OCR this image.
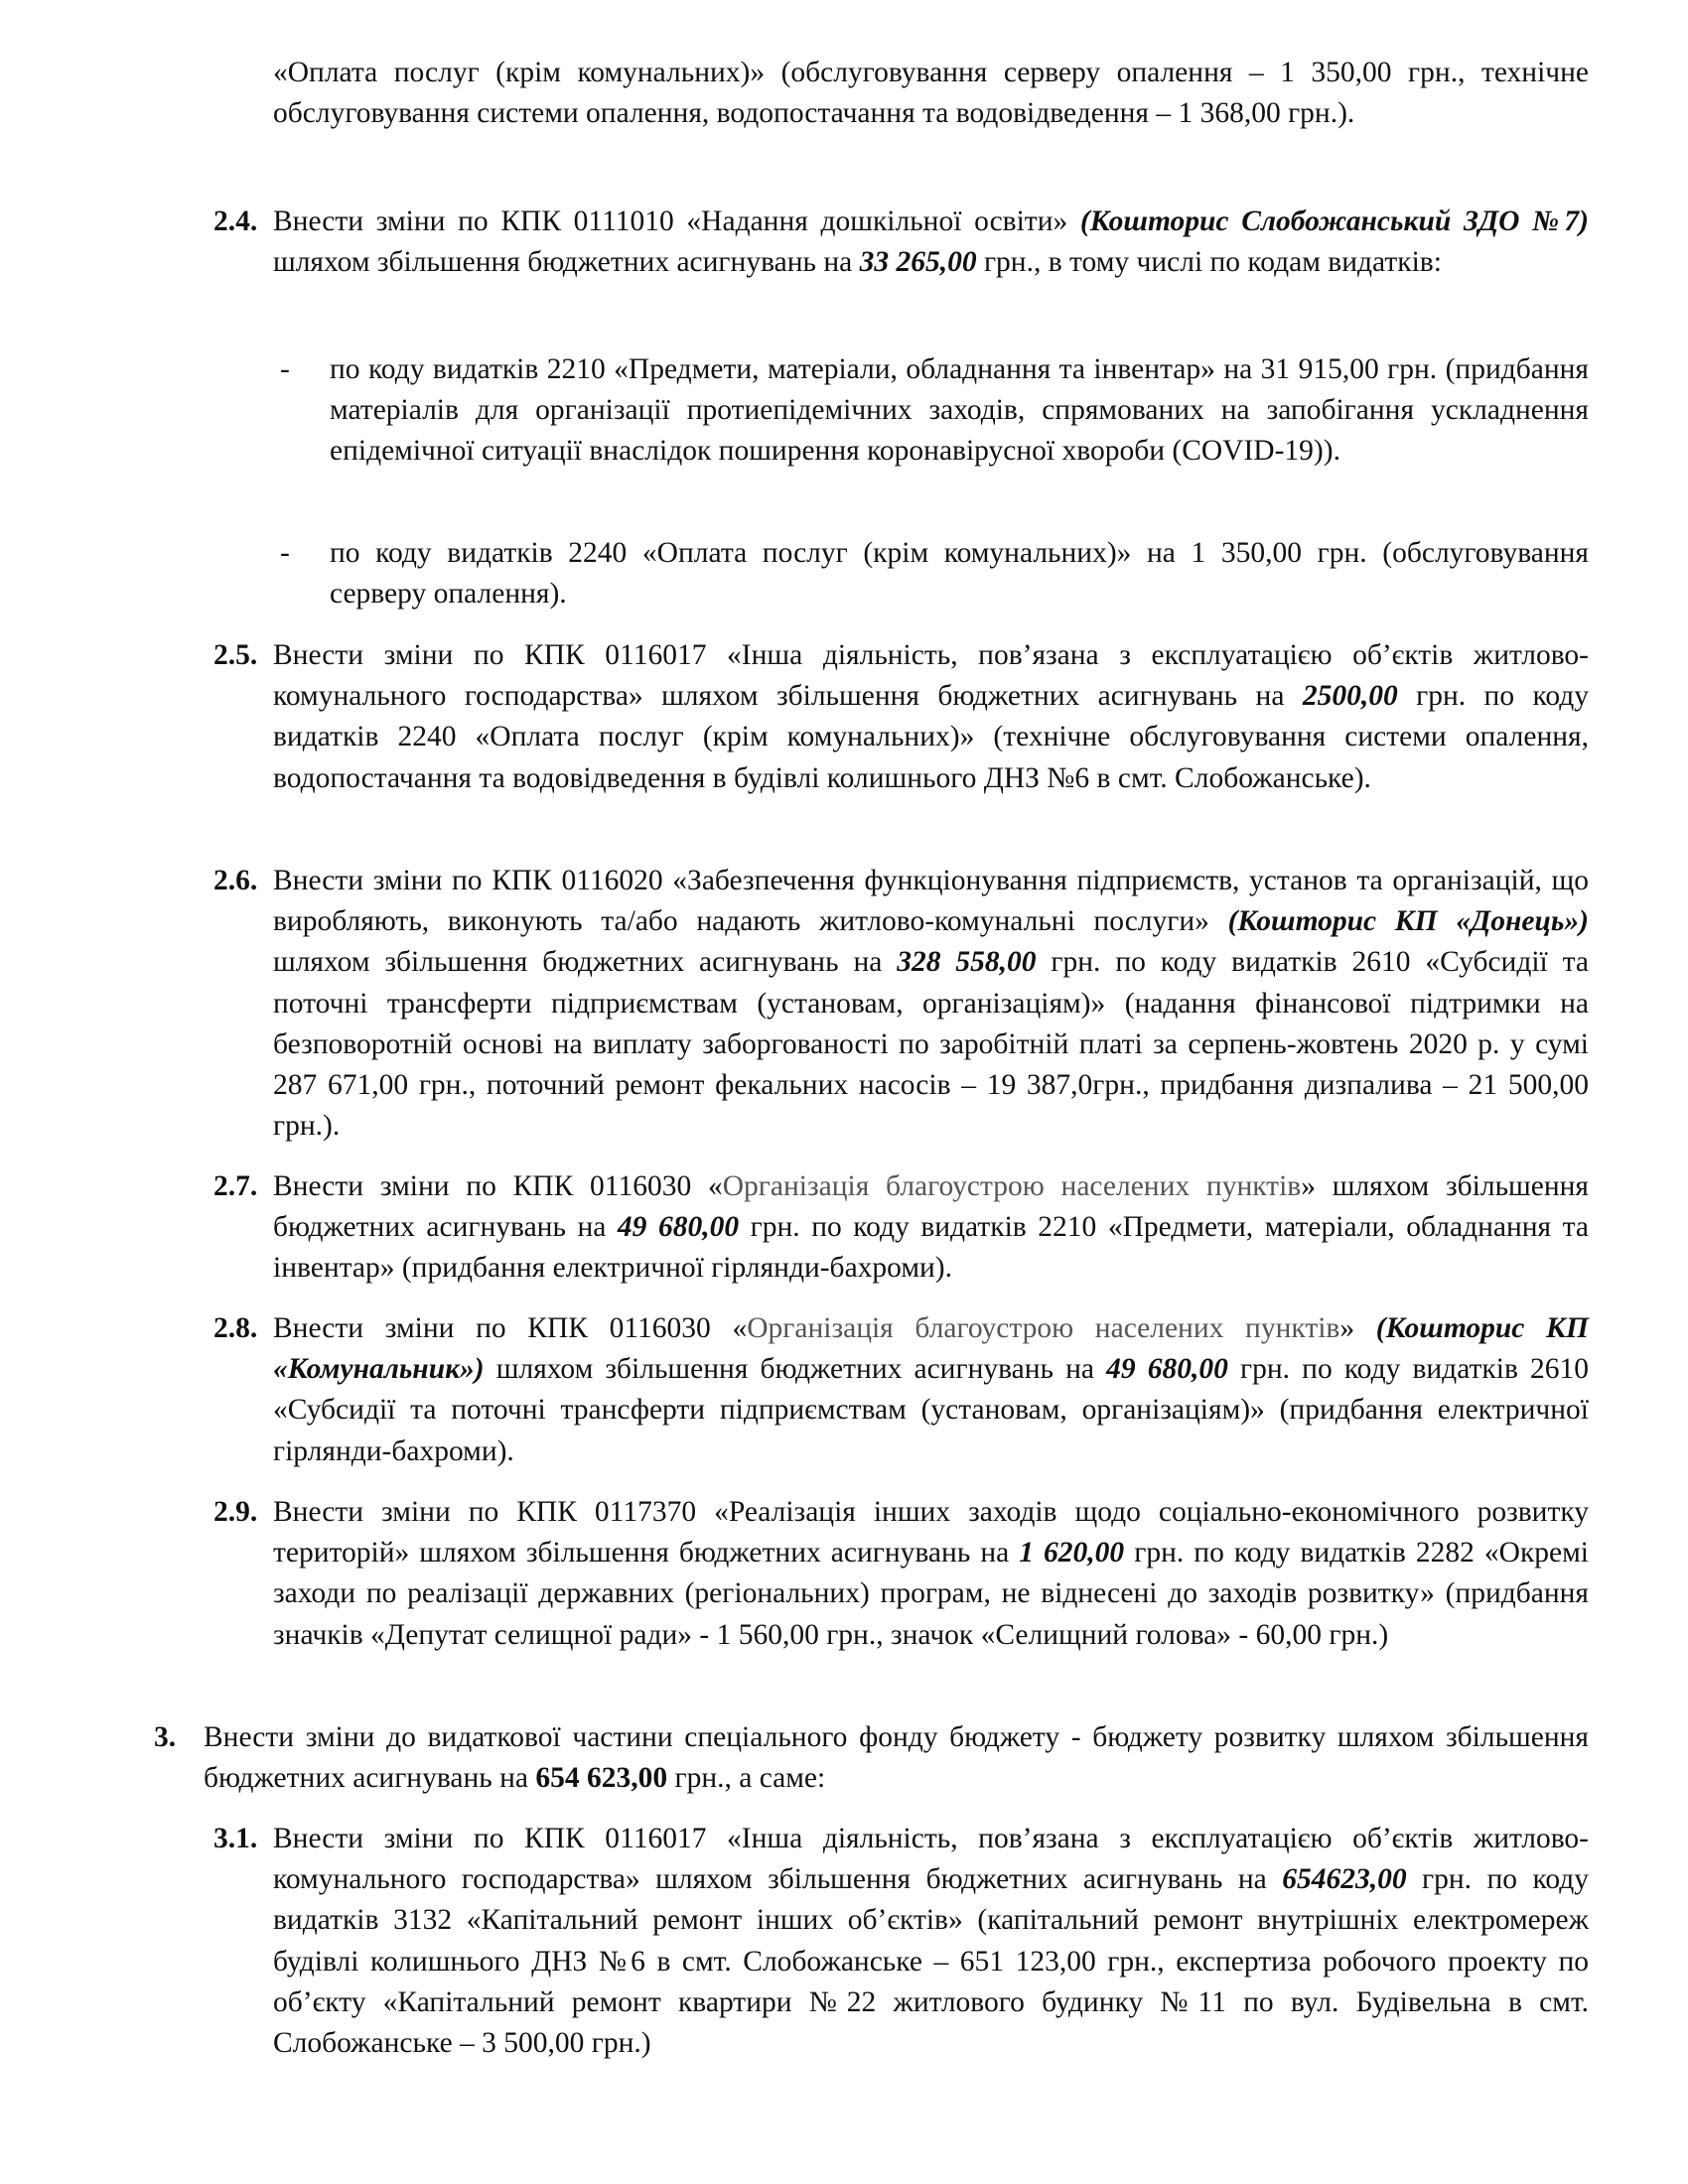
«Оплата послуг (крім комунальних)» (обслуговування серверу опалення – 1 350,00 грн., технічне обслуговування системи опалення, водопостачання та водовідведення – 1 368,00 грн.).
2.4. Внести зміни по КПК 0111010 «Надання дошкільної освіти» (Кошторис Слобожанський ЗДО №7) шляхом збільшення бюджетних асигнувань на 33 265,00 грн., в тому числі по кодам видатків:
- по коду видатків 2210 «Предмети, матеріали, обладнання та інвентар» на 31 915,00 грн. (придбання матеріалів для організації протиепідемічних заходів, спрямованих на запобігання ускладнення епідемічної ситуації внаслідок поширення коронавірусної хвороби (COVID-19)).
- по коду видатків 2240 «Оплата послуг (крім комунальних)» на 1 350,00 грн. (обслуговування серверу опалення).
2.5. Внести зміни по КПК 0116017 «Інша діяльність, пов’язана з експлуатацією об’єктів житлово-комунального господарства» шляхом збільшення бюджетних асигнувань на 2500,00 грн. по коду видатків 2240 «Оплата послуг (крім комунальних)» (технічне обслуговування системи опалення, водопостачання та водовідведення в будівлі колишнього ДНЗ №6 в смт. Слобожанське).
2.6. Внести зміни по КПК 0116020 «Забезпечення функціонування підприємств, установ та організацій, що виробляють, виконують та/або надають житлово-комунальні послуги» (Кошторис КП «Донець») шляхом збільшення бюджетних асигнувань на 328 558,00 грн. по коду видатків 2610 «Субсидії та поточні трансферти підприємствам (установам, організаціям)» (надання фінансової підтримки на безповоротній основі на виплату заборгованості по заробітній платі за серпень-жовтень 2020 р. у сумі 287 671,00 грн., поточний ремонт фекальних насосів – 19 387,0грн., придбання дизпалива – 21 500,00 грн.).
2.7. Внести зміни по КПК 0116030 «Організація благоустрою населених пунктів» шляхом збільшення бюджетних асигнувань на 49 680,00 грн. по коду видатків 2210 «Предмети, матеріали, обладнання та інвентар» (придбання електричної гірлянди-бахроми).
2.8. Внести зміни по КПК 0116030 «Організація благоустрою населених пунктів» (Кошторис КП «Комунальник») шляхом збільшення бюджетних асигнувань на 49 680,00 грн. по коду видатків 2610 «Субсидії та поточні трансферти підприємствам (установам, організаціям)» (придбання електричної гірлянди-бахроми).
2.9. Внести зміни по КПК 0117370 «Реалізація інших заходів щодо соціально-економічного розвитку територій» шляхом збільшення бюджетних асигнувань на 1 620,00 грн. по коду видатків 2282 «Окремі заходи по реалізації державних (регіональних) програм, не віднесені до заходів розвитку» (придбання значків «Депутат селищної ради» - 1 560,00 грн., значок «Селищний голова» - 60,00 грн.)
3. Внести зміни до видаткової частини спеціального фонду бюджету - бюджету розвитку шляхом збільшення бюджетних асигнувань на 654 623,00 грн., а саме:
3.1. Внести зміни по КПК 0116017 «Інша діяльність, пов’язана з експлуатацією об’єктів житлово-комунального господарства» шляхом збільшення бюджетних асигнувань на 654623,00 грн. по коду видатків 3132 «Капітальний ремонт інших об’єктів» (капітальний ремонт внутрішніх електромереж будівлі колишнього ДНЗ №6 в смт. Слобожанське – 651 123,00 грн., експертиза робочого проекту по об’єкту «Капітальний ремонт квартири №22 житлового будинку №11 по вул. Будівельна в смт. Слобожанське – 3 500,00 грн.)
